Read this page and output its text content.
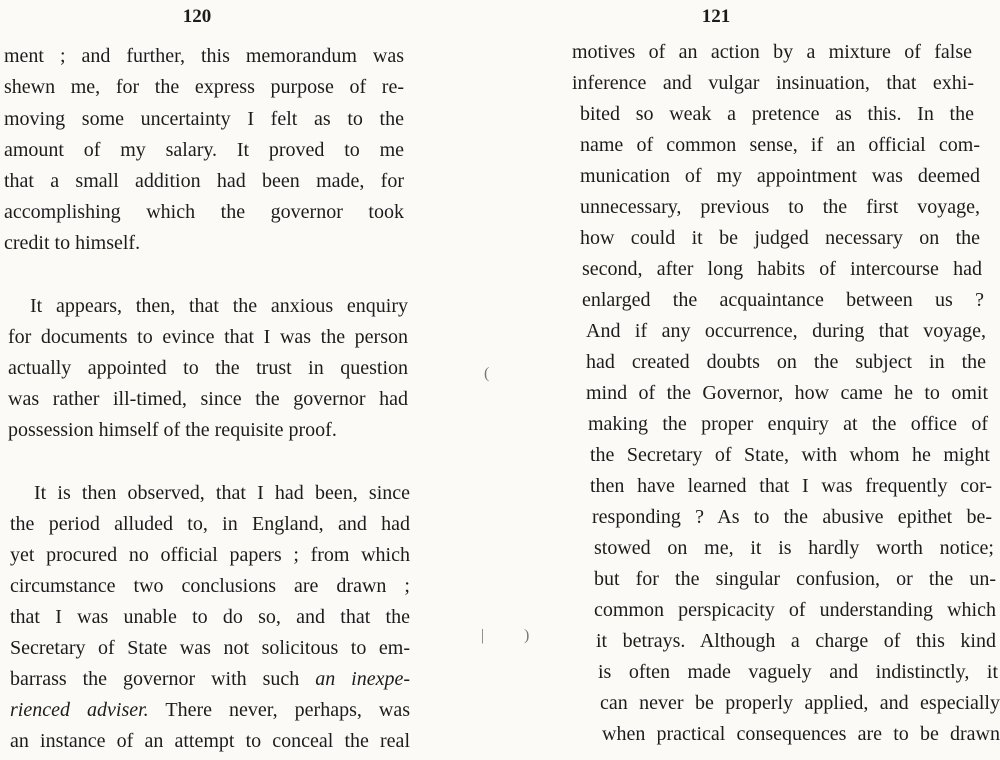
120

ment ; and further, this memorandum was

shewn me, for the express purpose of re-

moving some uncertainty I felt as to the

amount of my salary. It proved to me

that a small addition had been made, for

accomplishing which the governor took

credit to himself.

It appears, then, that the anxious enquiry

for documents to evince that I was the person

actually appointed to the trust in question

was rather ill-timed, since the governor had

possession himself of the requisite proof.

It is then observed, that I had been, since

the period alluded to, in England, and had

yet procured no official papers ; from which

circumstance two conclusions are drawn ;

that I was unable to do so, and that the

Secretary of State was not solicitous to em-

barrass the governor with such an inexpe-

rienced adviser. There never, perhaps, was

an instance of an attempt to conceal the real

121

motives of an action by a mixture of false

inference and vulgar insinuation, that exhi-

bited so weak a pretence as this. In the

name of common sense, if an official com-

munication of my appointment was deemed

unnecessary, previous to the first voyage,

how could it be judged necessary on the

second, after long habits of intercourse had

enlarged the acquaintance between us ?

And if any occurrence, during that voyage,

had created doubts on the subject in the

mind of the Governor, how came he to omit

making the proper enquiry at the office of

the Secretary of State, with whom he might

then have learned that I was frequently cor-

responding ? As to the abusive epithet be-

stowed on me, it is hardly worth notice;

but for the singular confusion, or the un-

common perspicacity of understanding which

it betrays. Although a charge of this kind

is often made vaguely and indistinctly, it

can never be properly applied, and especially

when practical consequences are to be drawn

(
)
|
